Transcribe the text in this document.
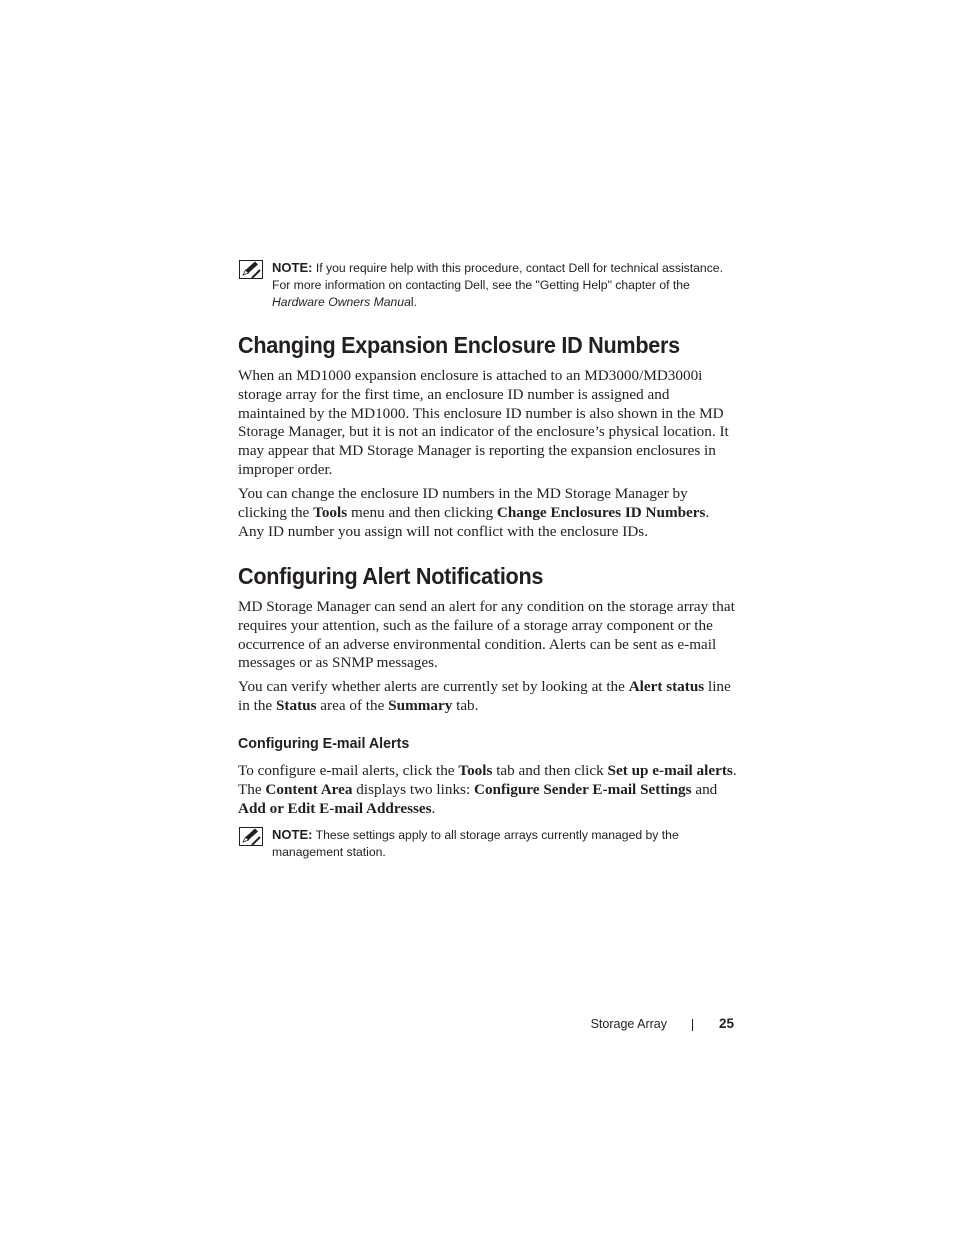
NOTE: If you require help with this procedure, contact Dell for technical assistance. For more information on contacting Dell, see the "Getting Help" chapter of the Hardware Owners Manual.
Changing Expansion Enclosure ID Numbers

When an MD1000 expansion enclosure is attached to an MD3000/MD3000i storage array for the first time, an enclosure ID number is assigned and maintained by the MD1000. This enclosure ID number is also shown in the MD Storage Manager, but it is not an indicator of the enclosure’s physical location. It may appear that MD Storage Manager is reporting the expansion enclosures in improper order.

You can change the enclosure ID numbers in the MD Storage Manager by clicking the Tools menu and then clicking Change Enclosures ID Numbers. Any ID number you assign will not conflict with the enclosure IDs.

Configuring Alert Notifications

MD Storage Manager can send an alert for any condition on the storage array that requires your attention, such as the failure of a storage array component or the occurrence of an adverse environmental condition. Alerts can be sent as e-mail messages or as SNMP messages.

You can verify whether alerts are currently set by looking at the Alert status line in the Status area of the Summary tab.

Configuring E-mail Alerts

To configure e-mail alerts, click the Tools tab and then click Set up e-mail alerts. The Content Area displays two links: Configure Sender E-mail Settings and Add or Edit E-mail Addresses.

NOTE: These settings apply to all storage arrays currently managed by the management station.
Storage Array	25
